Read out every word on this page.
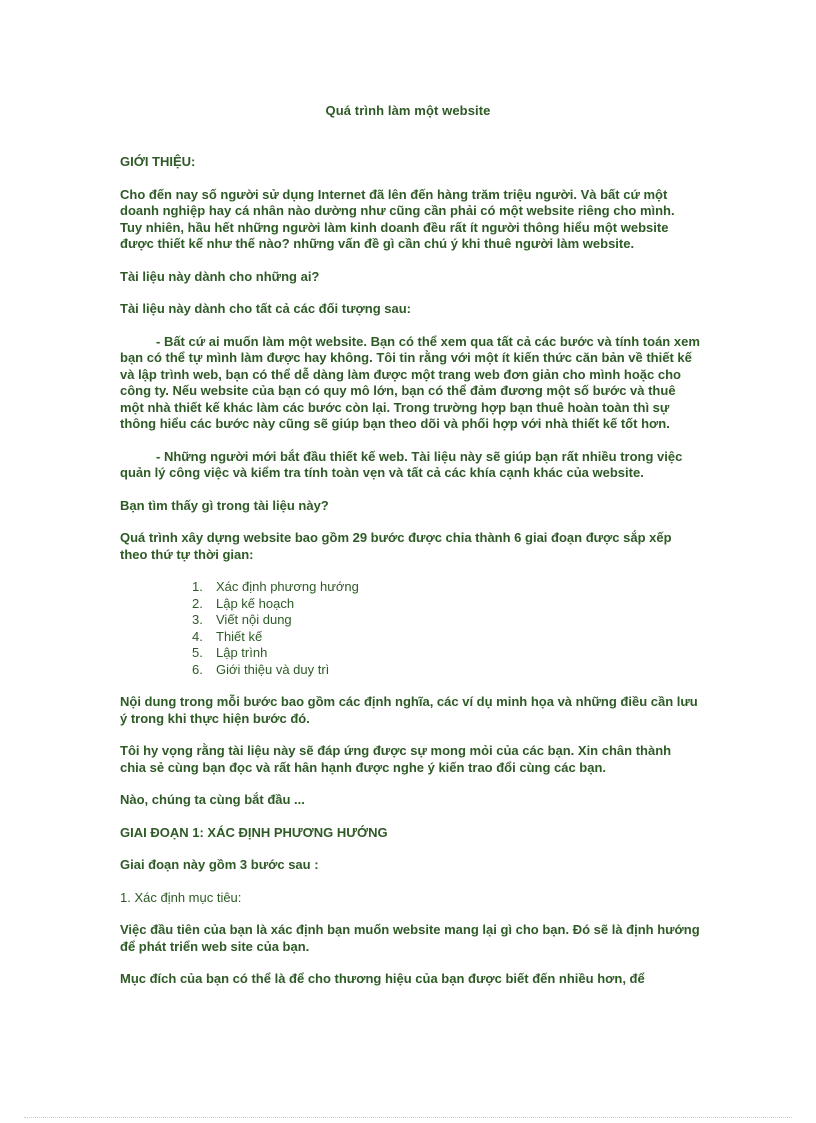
Quá trình làm một website

GIỚI THIỆU:

Cho đến nay số người sử dụng Internet đã lên đến hàng trăm triệu người. Và bất cứ một doanh nghiệp hay cá nhân nào dường như cũng cần phải có một website riêng cho mình. Tuy nhiên, hầu hết những người làm kinh doanh đều rất ít người thông hiểu một website được thiết kế như thế nào? những vấn đề gì cần chú ý khi thuê người làm website.

Tài liệu này dành cho những ai?

Tài liệu này dành cho tất cả các đối tượng sau:

- Bất cứ ai muốn làm một website. Bạn có thể xem qua tất cả các bước và tính toán xem bạn có thể tự mình làm được hay không. Tôi tin rằng với một ít kiến thức căn bản về thiết kế và lập trình web, bạn có thể dễ dàng làm được một trang web đơn giản cho mình hoặc cho công ty. Nếu website của bạn có quy mô lớn, bạn có thể đảm đương một số bước và thuê một nhà thiết kế khác làm các bước còn lại. Trong trường hợp bạn thuê hoàn toàn thì sự thông hiểu các bước này cũng sẽ giúp bạn theo dõi và phối hợp với nhà thiết kế tốt hơn.

- Những người mới bắt đầu thiết kế web. Tài liệu này sẽ giúp bạn rất nhiều trong việc quản lý công việc và kiểm tra tính toàn vẹn và tất cả các khía cạnh khác của website.

Bạn tìm thấy gì trong tài liệu này?

Quá trình xây dựng website bao gồm 29 bước được chia thành 6 giai đoạn được sắp xếp theo thứ tự thời gian:

1. Xác định phương hướng
2. Lập kế hoạch
3. Viết nội dung
4. Thiết kế
5. Lập trình
6. Giới thiệu và duy trì

Nội dung trong mỗi bước bao gồm các định nghĩa, các ví dụ minh họa và những điều cần lưu ý trong khi thực hiện bước đó.

Tôi hy vọng rằng tài liệu này sẽ đáp ứng được sự mong mỏi của các bạn. Xin chân thành chia sẻ cùng bạn đọc và rất hân hạnh được nghe ý kiến trao đổi cùng các bạn.

Nào, chúng ta cùng bắt đầu ...

GIAI ĐOẠN 1: XÁC ĐỊNH PHƯƠNG HƯỚNG

Giai đoạn này gồm 3 bước sau :

1. Xác định mục tiêu:

Việc đầu tiên của bạn là xác định bạn muốn website mang lại gì cho bạn. Đó sẽ là định hướng để phát triển web site của bạn.

Mục đích của bạn có thể là để cho thương hiệu của bạn được biết đến nhiều hơn, để
